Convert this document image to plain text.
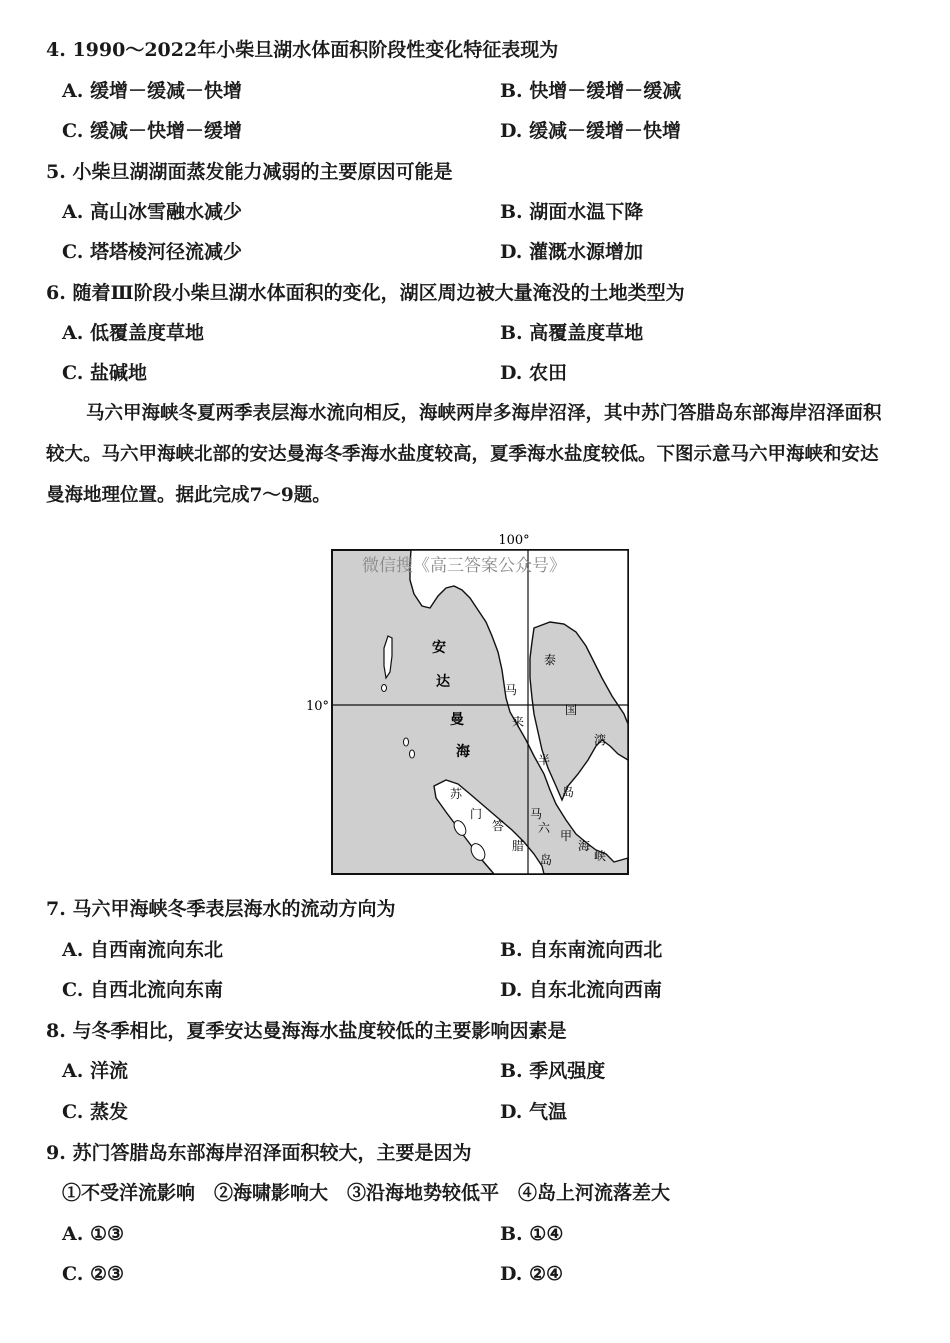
4. 1990～2022年小柴旦湖水体面积阶段性变化特征表现为
A. 缓增－缓减－快增	B. 快增－缓增－缓减
C. 缓减－快增－缓增	D. 缓减－缓增－快增
5. 小柴旦湖湖面蒸发能力减弱的主要原因可能是
A. 高山冰雪融水减少	B. 湖面水温下降
C. 塔塔棱河径流减少	D. 灌溉水源增加
6. 随着Ⅲ阶段小柴旦湖水体面积的变化，湖区周边被大量淹没的土地类型为
A. 低覆盖度草地	B. 高覆盖度草地
C. 盐碱地	D. 农田
马六甲海峡冬夏两季表层海水流向相反，海峡两岸多海岸沼泽，其中苏门答腊岛东部海岸沼泽面积
较大。马六甲海峡北部的安达曼海冬季海水盐度较高，夏季海水盐度较低。下图示意马六甲海峡和安达
曼海地理位置。据此完成7～9题。
100°
10°
微信搜《高三答案公众号》
安
达
曼
海
马
来
半
岛
泰
国
湾
苏
门
答
腊
岛
马
六
甲
海
峡
7. 马六甲海峡冬季表层海水的流动方向为
A. 自西南流向东北	B. 自东南流向西北
C. 自西北流向东南	D. 自东北流向西南
8. 与冬季相比，夏季安达曼海海水盐度较低的主要影响因素是
A. 洋流	B. 季风强度
C. 蒸发	D. 气温
9. 苏门答腊岛东部海岸沼泽面积较大，主要是因为
①不受洋流影响　②海啸影响大　③沿海地势较低平　④岛上河流落差大
A. ①③	B. ①④
C. ②③	D. ②④
